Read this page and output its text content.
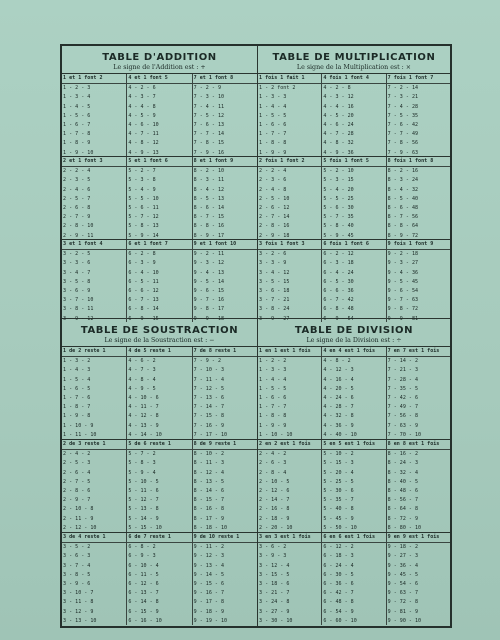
TABLE D'ADDITION
Le signe de l'Addition est : +
1 et 1 font 2
1 - 2 - 3
1 - 3 - 4
1 - 4 - 5
1 - 5 - 6
1 - 6 - 7
1 - 7 - 8
1 - 8 - 9
1 - 9 - 10
4 et 1 font 5
4 - 2 - 6
4 - 3 - 7
4 - 4 - 8
4 - 5 - 9
4 - 6 - 10
4 - 7 - 11
4 - 8 - 12
4 - 9 - 13
7 et 1 font 8
7 - 2 - 9
7 - 3 - 10
7 - 4 - 11
7 - 5 - 12
7 - 6 - 13
7 - 7 - 14
7 - 8 - 15
7 - 9 - 16
2 et 1 font 3
2 - 2 - 4
2 - 3 - 5
2 - 4 - 6
2 - 5 - 7
2 - 6 - 8
2 - 7 - 9
2 - 8 - 10
2 - 9 - 11
5 et 1 font 6
5 - 2 - 7
5 - 3 - 8
5 - 4 - 9
5 - 5 - 10
5 - 6 - 11
5 - 7 - 12
5 - 8 - 13
5 - 9 - 14
8 et 1 font 9
8 - 2 - 10
8 - 3 - 11
8 - 4 - 12
8 - 5 - 13
8 - 6 - 14
8 - 7 - 15
8 - 8 - 16
8 - 9 - 17
3 et 1 font 4
3 - 2 - 5
3 - 3 - 6
3 - 4 - 7
3 - 5 - 8
3 - 6 - 9
3 - 7 - 10
3 - 8 - 11
3 - 9 - 12
6 et 1 font 7
6 - 2 - 8
6 - 3 - 9
6 - 4 - 10
6 - 5 - 11
6 - 6 - 12
6 - 7 - 13
6 - 8 - 14
6 - 9 - 15
9 et 1 font 10
9 - 2 - 11
9 - 3 - 12
9 - 4 - 13
9 - 5 - 14
9 - 6 - 15
9 - 7 - 16
9 - 8 - 17
9 - 9 - 18
TABLE DE MULTIPLICATION
Le signe de la Multiplication est : ×
1 fois 1 fait 1
1 - 2 font 2
1 - 3 - 3
1 - 4 - 4
1 - 5 - 5
1 - 6 - 6
1 - 7 - 7
1 - 8 - 8
1 - 9 - 9
4 fois 1 font 4
4 - 2 - 8
4 - 3 - 12
4 - 4 - 16
4 - 5 - 20
4 - 6 - 24
4 - 7 - 28
4 - 8 - 32
4 - 9 - 36
7 fois 1 font 7
7 - 2 - 14
7 - 3 - 21
7 - 4 - 28
7 - 5 - 35
7 - 6 - 42
7 - 7 - 49
7 - 8 - 56
7 - 9 - 63
2 fois 1 font 2
2 - 2 - 4
2 - 3 - 6
2 - 4 - 8
2 - 5 - 10
2 - 6 - 12
2 - 7 - 14
2 - 8 - 16
2 - 9 - 18
5 fois 1 font 5
5 - 2 - 10
5 - 3 - 15
5 - 4 - 20
5 - 5 - 25
5 - 6 - 30
5 - 7 - 35
5 - 8 - 40
5 - 9 - 45
8 fois 1 font 8
8 - 2 - 16
8 - 3 - 24
8 - 4 - 32
8 - 5 - 40
8 - 6 - 48
8 - 7 - 56
8 - 8 - 64
8 - 9 - 72
3 fois 1 font 3
3 - 2 - 6
3 - 3 - 9
3 - 4 - 12
3 - 5 - 15
3 - 6 - 18
3 - 7 - 21
3 - 8 - 24
3 - 9 - 27
6 fois 1 font 6
6 - 2 - 12
6 - 3 - 18
6 - 4 - 24
6 - 5 - 30
6 - 6 - 36
6 - 7 - 42
6 - 8 - 48
6 - 9 - 54
9 fois 1 font 9
9 - 2 - 18
9 - 3 - 27
9 - 4 - 36
9 - 5 - 45
9 - 6 - 54
9 - 7 - 63
9 - 8 - 72
9 - 9 - 81
TABLE DE SOUSTRACTION
Le signe de la Soustraction est : −
1 de 2 reste 1
1 - 3 - 2
1 - 4 - 3
1 - 5 - 4
1 - 6 - 5
1 - 7 - 6
1 - 8 - 7
1 - 9 - 8
1 - 10 - 9
1 - 11 - 10
4 de 5 reste 1
4 - 6 - 2
4 - 7 - 3
4 - 8 - 4
4 - 9 - 5
4 - 10 - 6
4 - 11 - 7
4 - 12 - 8
4 - 13 - 9
4 - 14 - 10
7 de 8 reste 1
7 - 9 - 2
7 - 10 - 3
7 - 11 - 4
7 - 12 - 5
7 - 13 - 6
7 - 14 - 7
7 - 15 - 8
7 - 16 - 9
7 - 17 - 10
2 de 3 reste 1
2 - 4 - 2
2 - 5 - 3
2 - 6 - 4
2 - 7 - 5
2 - 8 - 6
2 - 9 - 7
2 - 10 - 8
2 - 11 - 9
2 - 12 - 10
5 de 6 reste 1
5 - 7 - 2
5 - 8 - 3
5 - 9 - 4
5 - 10 - 5
5 - 11 - 6
5 - 12 - 7
5 - 13 - 8
5 - 14 - 9
5 - 15 - 10
8 de 9 reste 1
8 - 10 - 2
8 - 11 - 3
8 - 12 - 4
8 - 13 - 5
8 - 14 - 6
8 - 15 - 7
8 - 16 - 8
8 - 17 - 9
8 - 18 - 10
3 de 4 reste 1
3 - 5 - 2
3 - 6 - 3
3 - 7 - 4
3 - 8 - 5
3 - 9 - 6
3 - 10 - 7
3 - 11 - 8
3 - 12 - 9
3 - 13 - 10
6 de 7 reste 1
6 - 8 - 2
6 - 9 - 3
6 - 10 - 4
6 - 11 - 5
6 - 12 - 6
6 - 13 - 7
6 - 14 - 8
6 - 15 - 9
6 - 16 - 10
9 de 10 reste 1
9 - 11 - 2
9 - 12 - 3
9 - 13 - 4
9 - 14 - 5
9 - 15 - 6
9 - 16 - 7
9 - 17 - 8
9 - 18 - 9
9 - 19 - 10
TABLE DE DIVISION
Le signe de la Division est : ÷
1 en 1 est 1 fois
1 - 2 - 2
1 - 3 - 3
1 - 4 - 4
1 - 5 - 5
1 - 6 - 6
1 - 7 - 7
1 - 8 - 8
1 - 9 - 9
1 - 10 - 10
4 en 4 est 1 fois
4 - 8 - 2
4 - 12 - 3
4 - 16 - 4
4 - 20 - 5
4 - 24 - 6
4 - 28 - 7
4 - 32 - 8
4 - 36 - 9
4 - 40 - 10
7 en 7 est 1 fois
7 - 14 - 2
7 - 21 - 3
7 - 28 - 4
7 - 35 - 5
7 - 42 - 6
7 - 49 - 7
7 - 56 - 8
7 - 63 - 9
7 - 70 - 10
2 en 2 est 1 fois
2 - 4 - 2
2 - 6 - 3
2 - 8 - 4
2 - 10 - 5
2 - 12 - 6
2 - 14 - 7
2 - 16 - 8
2 - 18 - 9
2 - 20 - 10
5 en 5 est 1 fois
5 - 10 - 2
5 - 15 - 3
5 - 20 - 4
5 - 25 - 5
5 - 30 - 6
5 - 35 - 7
5 - 40 - 8
5 - 45 - 9
5 - 50 - 10
8 en 8 est 1 fois
8 - 16 - 2
8 - 24 - 3
8 - 32 - 4
8 - 40 - 5
8 - 48 - 6
8 - 56 - 7
8 - 64 - 8
8 - 72 - 9
8 - 80 - 10
3 en 3 est 1 fois
3 - 6 - 2
3 - 9 - 3
3 - 12 - 4
3 - 15 - 5
3 - 18 - 6
3 - 21 - 7
3 - 24 - 8
3 - 27 - 9
3 - 30 - 10
6 en 6 est 1 fois
6 - 12 - 2
6 - 18 - 3
6 - 24 - 4
6 - 30 - 5
6 - 36 - 6
6 - 42 - 7
6 - 48 - 8
6 - 54 - 9
6 - 60 - 10
9 en 9 est 1 fois
9 - 18 - 2
9 - 27 - 3
9 - 36 - 4
9 - 45 - 5
9 - 54 - 6
9 - 63 - 7
9 - 72 - 8
9 - 81 - 9
9 - 90 - 10
